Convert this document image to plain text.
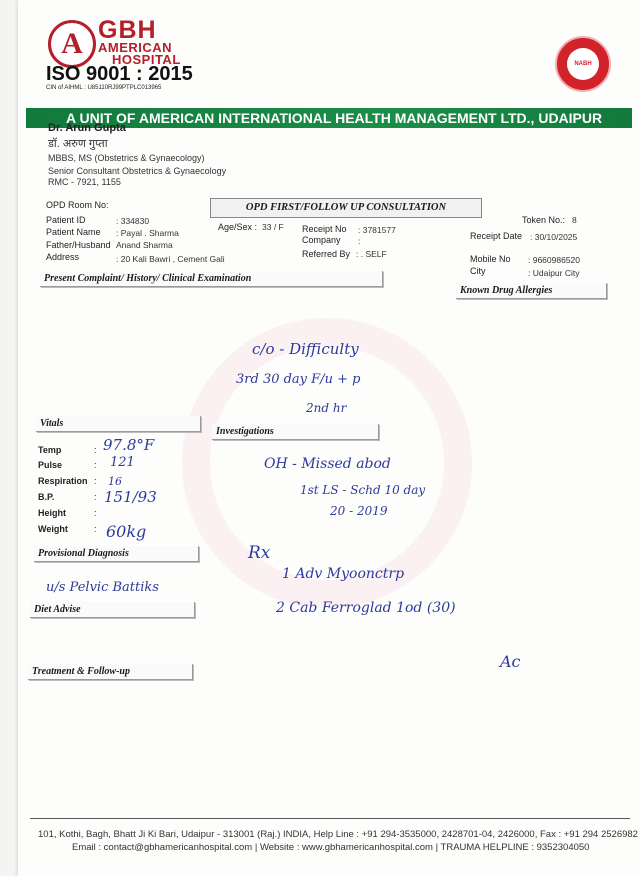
A GBH
AMERICAN
HOSPITAL
ISO 9001 : 2015
CIN of AIHML : U85110RJ99PTPLC013965
NABH
A UNIT OF AMERICAN INTERNATIONAL HEALTH MANAGEMENT LTD., UDAIPUR
Dr. Arun Gupta
डॉ. अरुण गुप्ता
MBBS, MS (Obstetrics & Gynaecology)
Senior Consultant Obstetrics & Gynaecology
RMC - 7921, 1155
OPD Room No:	OPD FIRST/FOLLOW UP CONSULTATION
Token No.: 8
Patient ID	: 334830
Age/Sex : 33 / F Receipt No : 3781577
Receipt Date : 30/10/2025
Patient Name : Payal . Sharma
Company :
Father/Husband Anand Sharma
Referred By : . SELF
Address	: 20 Kali Bawri , Cement Gali	Mobile No : 9660986520
City	: Udaipur City
Present Complaint/ History/ Clinical Examination
Known Drug Allergies
Vitals
Investigations
Provisional Diagnosis
Diet Advise
Treatment & Follow-up
Temp	: 97.8°F
Pulse	: 121
Respiration : 16
B.P.	: 151/93
Height	:
Weight	: 60kg
c/o - Difficulty
3rd 30 day F/u + p
2nd hr
OH - Missed abod
1st LS - Schd 10 day
20 - 2019
u/s Pelvic Battiks
Rx
1 Adv Myoonctrp
2 Cab Ferroglad 1od (30)
Ac
101, Kothi, Bagh, Bhatt Ji Ki Bari, Udaipur - 313001 (Raj.) INDIA, Help Line : +91 294-3535000, 2428701-04, 2426000, Fax : +91 294 2526982
Email : contact@gbhamericanhospital.com | Website : www.gbhamericanhospital.com | TRAUMA HELPLINE : 9352304050
